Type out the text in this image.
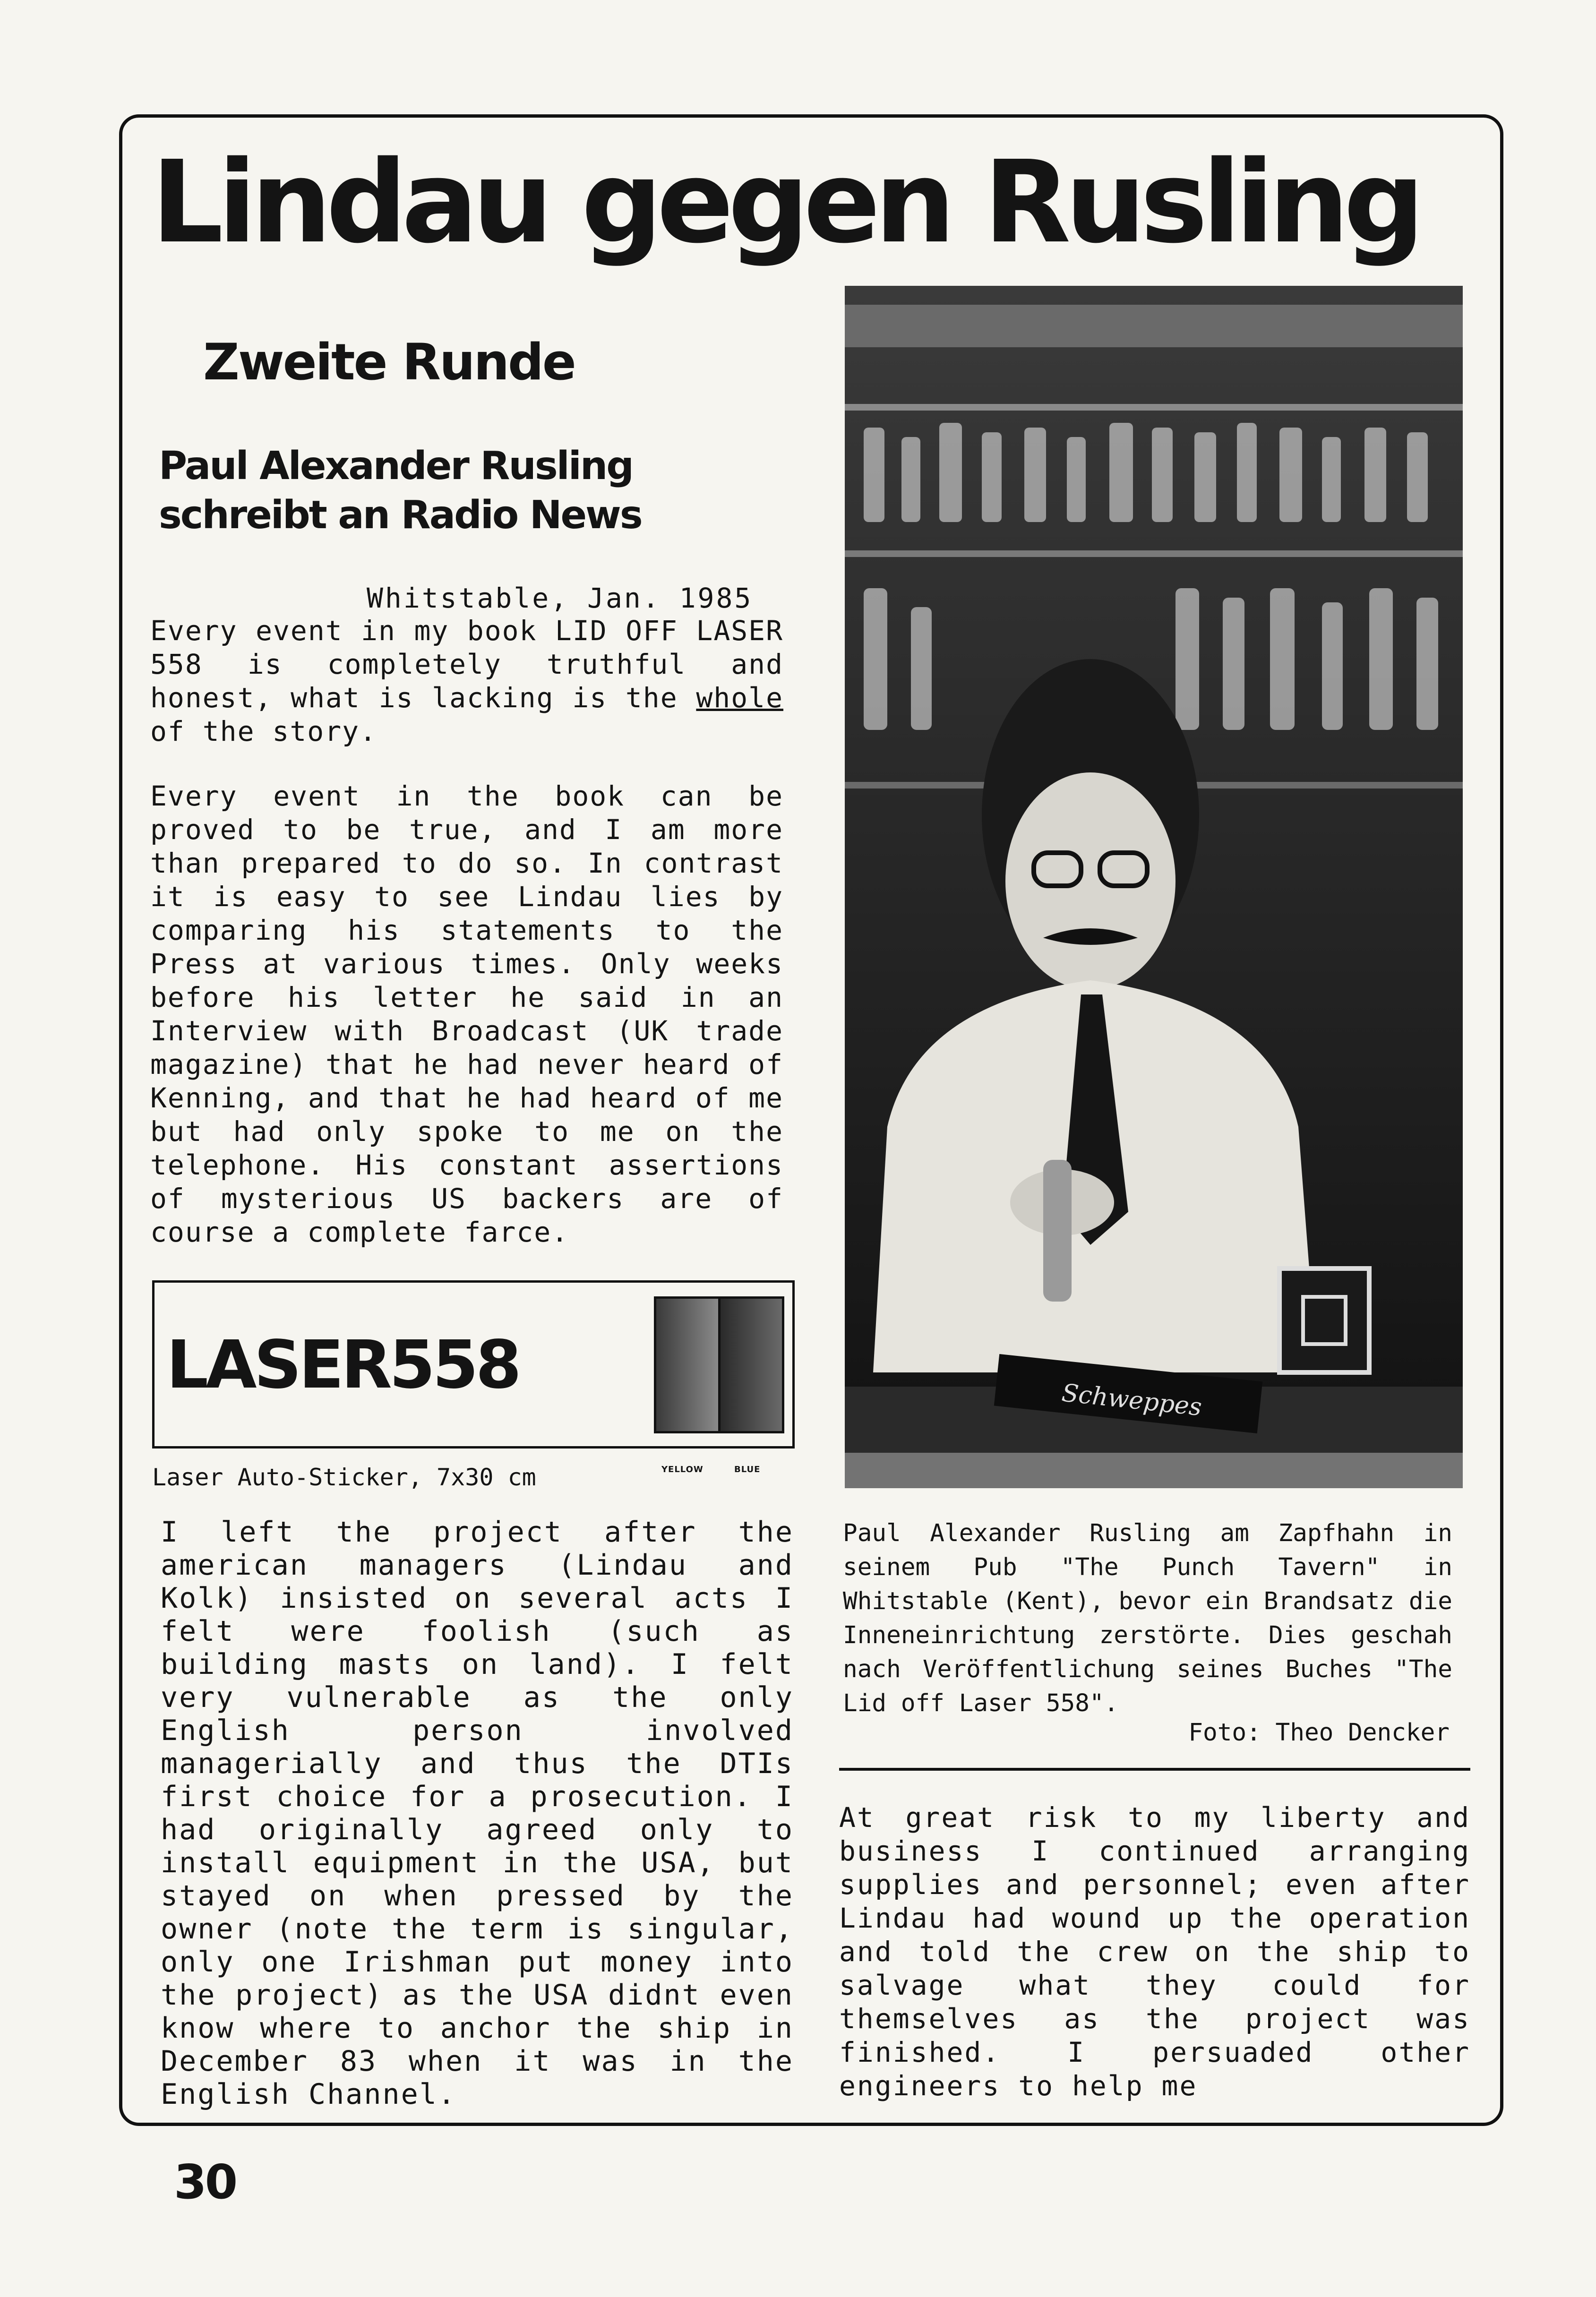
Lindau gegen Rusling
Zweite Runde
Paul Alexander Rusling
schreibt an Radio News
Whitstable, Jan. 1985

Every event in my book LID OFF LASER 558 is completely truthful and honest, what is lacking is the whole of the story.

Every event in the book can be proved to be true, and I am more than prepared to do so. In contrast it is easy to see Lindau lies by comparing his statements to the Press at various times. Only weeks before his letter he said in an Interview with Broadcast (UK trade magazine) that he had never heard of Kenning, and that he had heard of me but had only spoke to me on the telephone. His constant assertions of mysterious US backers are of course a complete farce.

LASER558
Laser Auto-Sticker, 7x30 cm	YELLOW	BLUE

I left the project after the american managers (Lindau and Kolk) insisted on several acts I felt were foolish (such as building masts on land). I felt very vulnerable as the only English person involved managerially and thus the DTIs first choice for a prosecution. I had originally agreed only to install equipment in the USA, but stayed on when pressed by the owner (note the term is singular, only one Irishman put money into the project) as the USA didnt even know where to anchor the ship in December 83 when it was in the English Channel.

Schweppes

Paul Alexander Rusling am Zapfhahn in seinem Pub "The Punch Tavern" in Whitstable (Kent), bevor ein Brandsatz die Inneneinrichtung zerstörte. Dies geschah nach Veröffentlichung seines Buches "The Lid off Laser 558".

Foto: Theo Dencker

At great risk to my liberty and business I continued arranging supplies and personnel; even after Lindau had wound up the operation and told the crew on the ship to salvage what they could for themselves as the project was finished. I persuaded other engineers to help me

30
